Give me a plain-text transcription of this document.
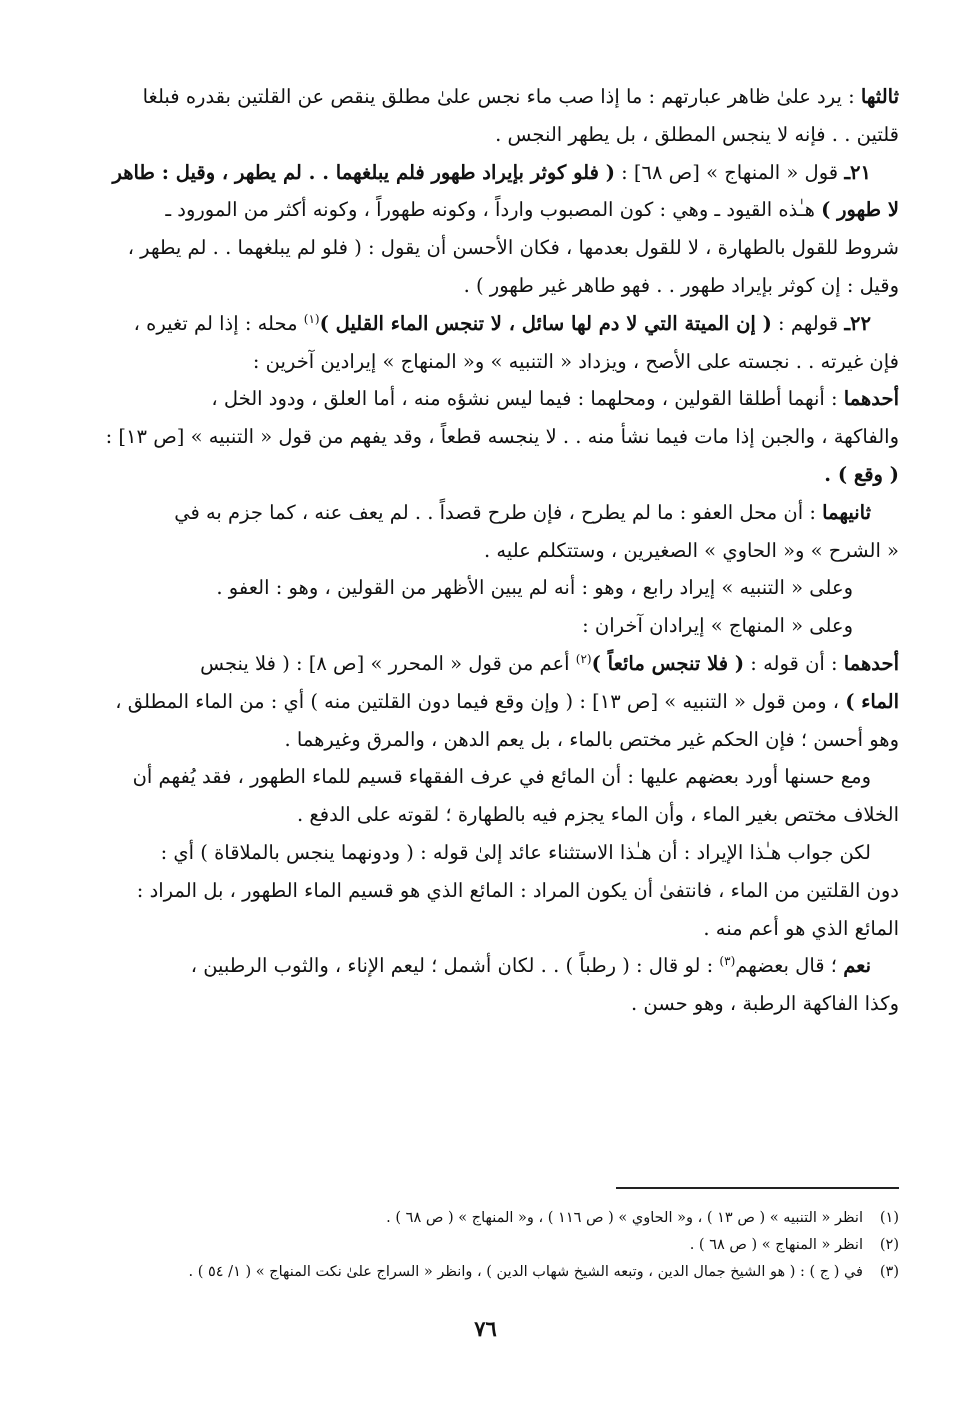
ثالثها : يرد علىٰ ظاهر عبارتهم : ما إذا صب ماء نجس علىٰ مطلق ينقص عن القلتين بقدره فبلغا
قلتين . . فإنه لا ينجس المطلق ، بل يطهر النجس .
٢١ـ قول « المنهاج » [ص ٦٨] : ( فلو كوثر بإيراد طهور فلم يبلغهما . . لم يطهر ، وقيل : طاهر
لا طهور ) هـٰذه القيود ـ وهي : كون المصبوب وارداً ، وكونه طهوراً ، وكونه أكثر من المورود ـ
شروط للقول بالطهارة ، لا للقول بعدمها ، فكان الأحسن أن يقول : ( فلو لم يبلغهما . . لم يطهر ،
وقيل : إن كوثر بإيراد طهور . . فهو طاهر غير طهور ) .
٢٢ـ قولهم : ( إن الميتة التي لا دم لها سائل ، لا تنجس الماء القليل )$^{(١)}$ محله : إذا لم تغيره ،
فإن غيرته . . نجسته على الأصح ، ويزداد « التنبيه » و« المنهاج » إيرادين آخرين :
أحدهما : أنهما أطلقا القولين ، ومحلهما : فيما ليس نشؤه منه ، أما العلق ، ودود الخل ،
والفاكهة ، والجبن إذا مات فيما نشأ منه . . لا ينجسه قطعاً ، وقد يفهم من قول « التنبيه » [ص ١٣] :
( وقع ) .
ثانيهما : أن محل العفو : ما لم يطرح ، فإن طرح قصداً . . لم يعف عنه ، كما جزم به في
« الشرح » و« الحاوي » الصغيرين ، وستتكلم عليه .
وعلى « التنبيه » إيراد رابع ، وهو : أنه لم يبين الأظهر من القولين ، وهو : العفو .
وعلى « المنهاج » إيرادان آخران :
أحدهما : أن قوله : ( فلا تنجس مائعاً )$^{(٢)}$ أعم من قول « المحرر » [ص ٨] : ( فلا ينجس
الماء ) ، ومن قول « التنبيه » [ص ١٣] : ( وإن وقع فيما دون القلتين منه ) أي : من الماء المطلق ،
وهو أحسن ؛ فإن الحكم غير مختص بالماء ، بل يعم الدهن ، والمرق وغيرهما .
ومع حسنها أورد بعضهم عليها : أن المائع في عرف الفقهاء قسيم للماء الطهور ، فقد يُفهم أن
الخلاف مختص بغير الماء ، وأن الماء يجزم فيه بالطهارة ؛ لقوته على الدفع .
لكن جواب هـٰذا الإيراد : أن هـٰذا الاستثناء عائد إلىٰ قوله : ( ودونهما ينجس بالملاقاة ) أي :
دون القلتين من الماء ، فانتفىٰ أن يكون المراد : المائع الذي هو قسيم الماء الطهور ، بل المراد :
المائع الذي هو أعم منه .
نعم ؛ قال بعضهم$^{(٣)}$ : لو قال : ( رطباً ) . . لكان أشمل ؛ ليعم الإناء ، والثوب الرطبين ،
وكذا الفاكهة الرطبة ، وهو حسن .
(١)انظر « التنبيه » ( ص ١٣ ) ، و« الحاوي » ( ص ١١٦ ) ، و« المنهاج » ( ص ٦٨ ) .
(٢)انظر « المنهاج » ( ص ٦٨ ) .
(٣)في ( ج ) : ( هو الشيخ جمال الدين ، وتبعه الشيخ شهاب الدين ) ، وانظر « السراج علىٰ نكت المنهاج » ( ١/ ٥٤ ) .
٧٦
